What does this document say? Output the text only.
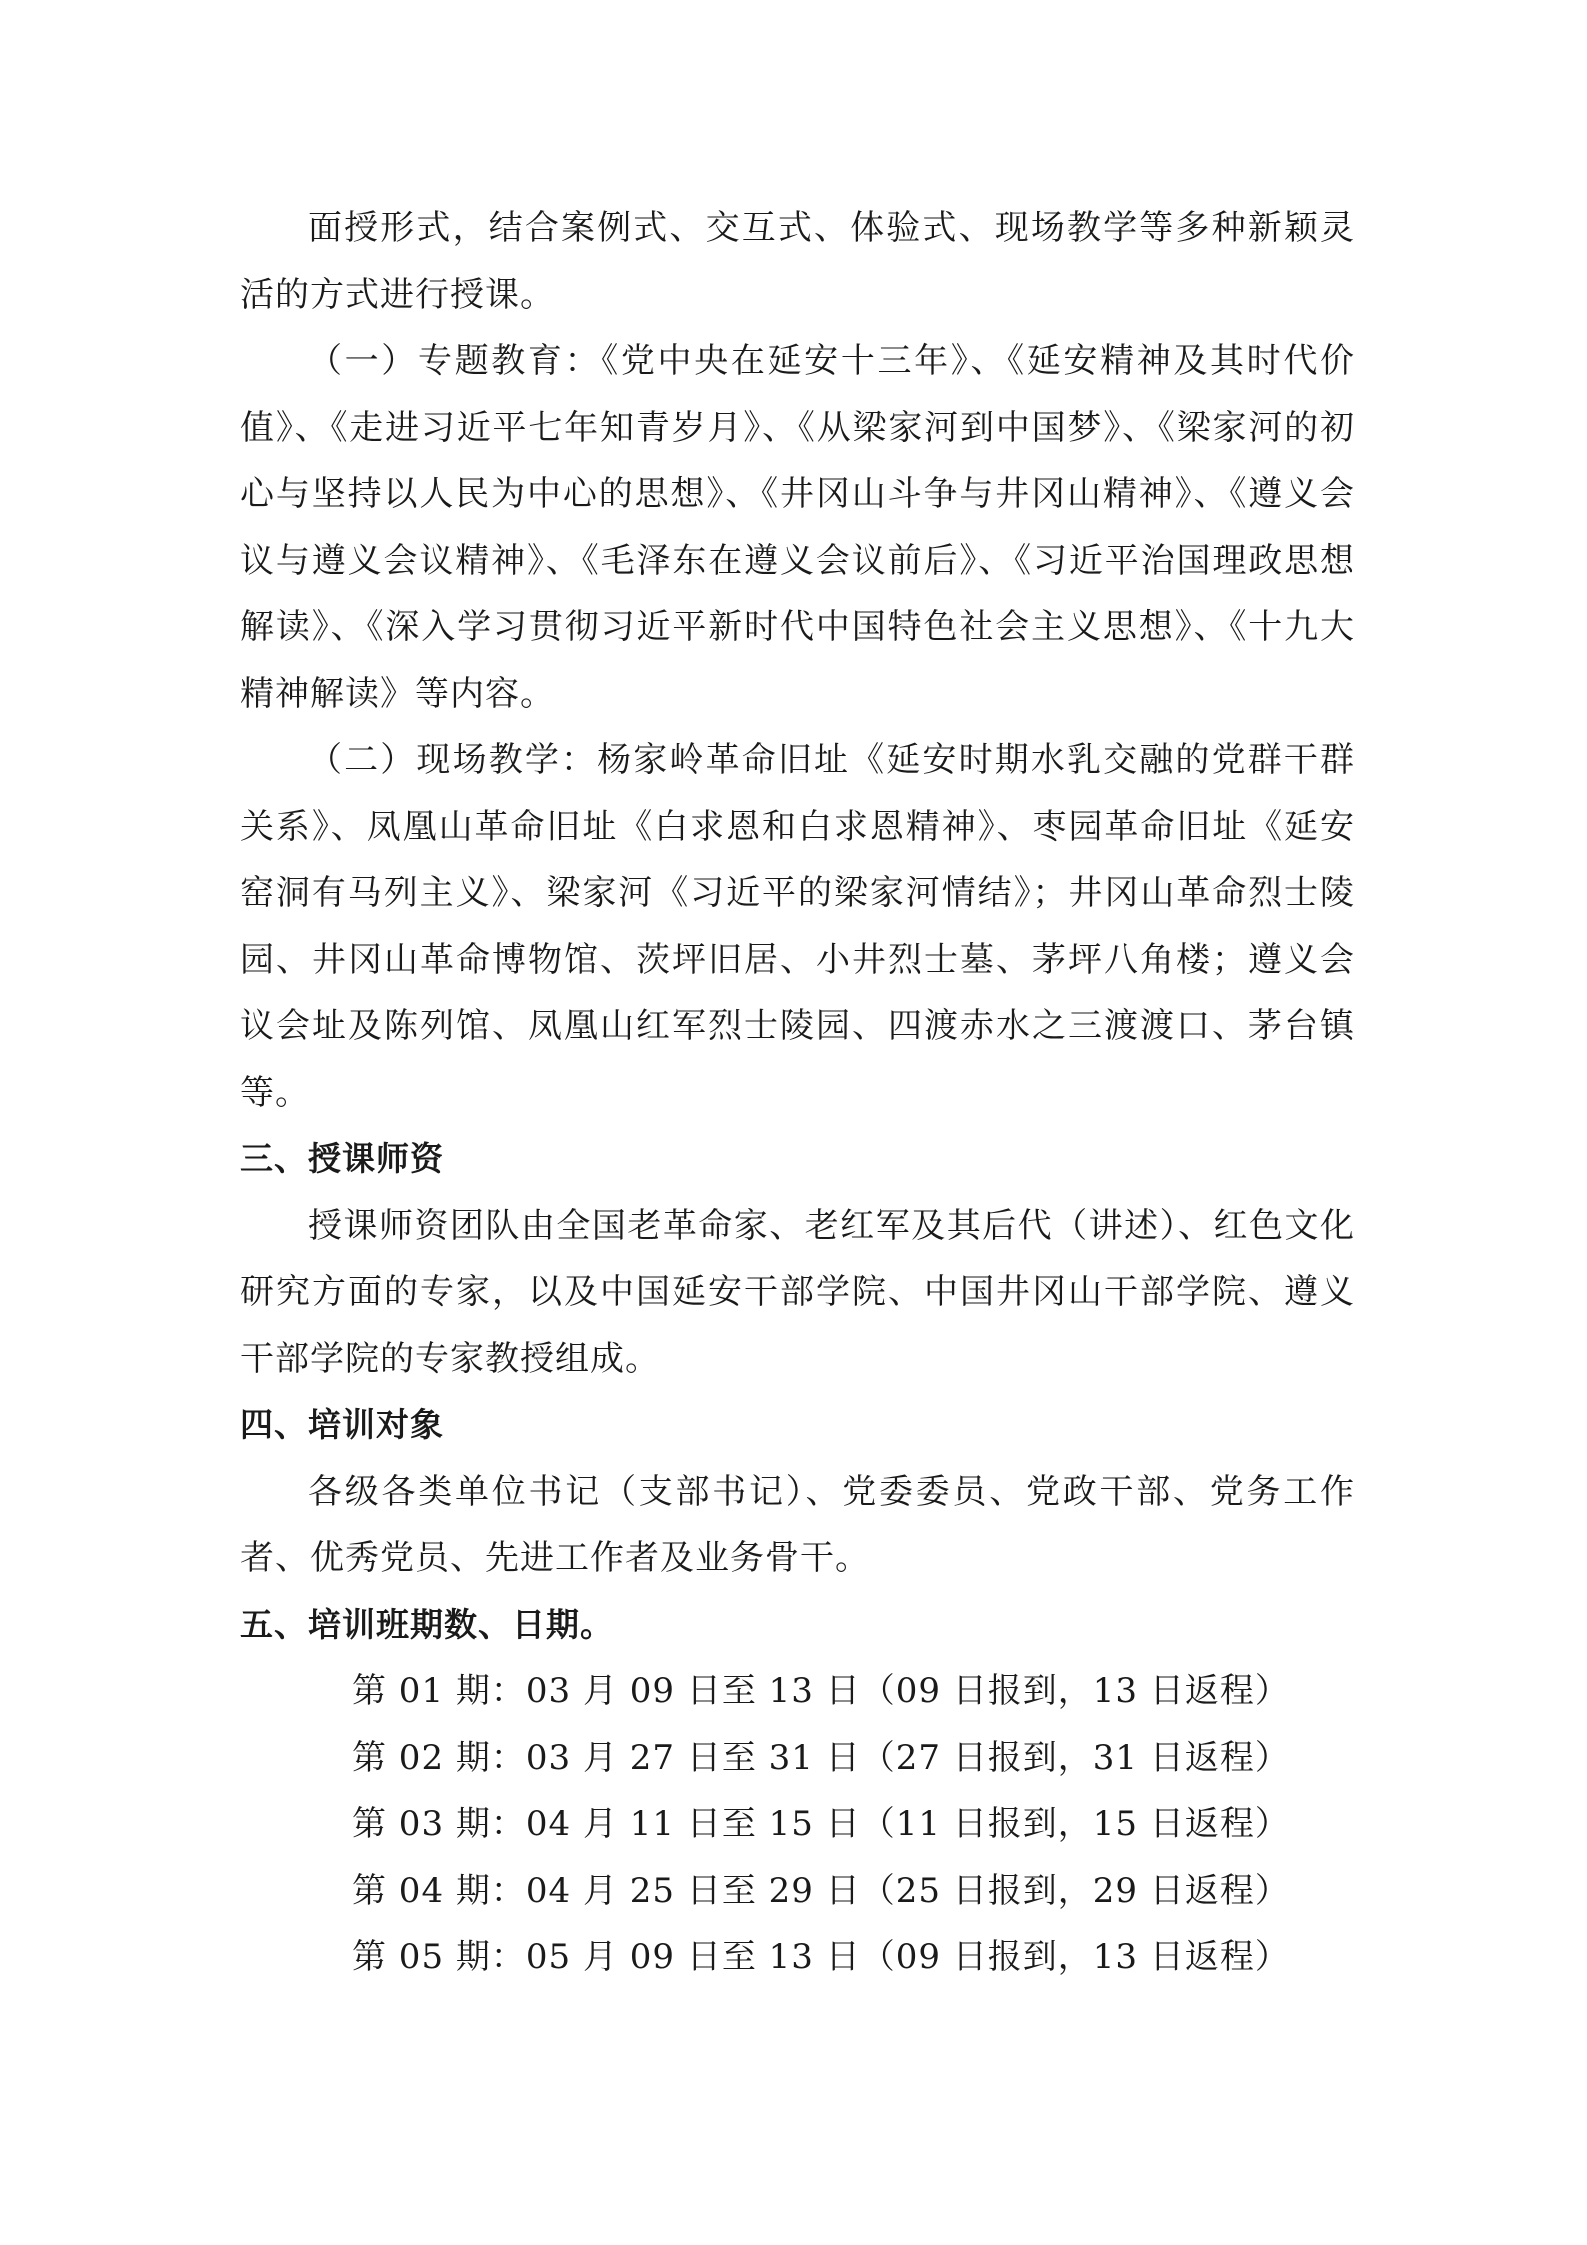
面授形式，结合案例式、交互式、体验式、现场教学等多种新颖灵活的方式进行授课。

（一）专题教育：《党中央在延安十三年》、《延安精神及其时代价值》、《走进习近平七年知青岁月》、《从梁家河到中国梦》、《梁家河的初心与坚持以人民为中心的思想》、《井冈山斗争与井冈山精神》、《遵义会议与遵义会议精神》、《毛泽东在遵义会议前后》、《习近平治国理政思想解读》、《深入学习贯彻习近平新时代中国特色社会主义思想》、《十九大精神解读》等内容。

（二）现场教学：杨家岭革命旧址《延安时期水乳交融的党群干群关系》、凤凰山革命旧址《白求恩和白求恩精神》、枣园革命旧址《延安窑洞有马列主义》、梁家河《习近平的梁家河情结》；井冈山革命烈士陵园、井冈山革命博物馆、茨坪旧居、小井烈士墓、茅坪八角楼；遵义会议会址及陈列馆、凤凰山红军烈士陵园、四渡赤水之三渡渡口、茅台镇等。

三、授课师资

授课师资团队由全国老革命家、老红军及其后代（讲述）、红色文化研究方面的专家，以及中国延安干部学院、中国井冈山干部学院、遵义干部学院的专家教授组成。

四、培训对象

各级各类单位书记（支部书记）、党委委员、党政干部、党务工作者、优秀党员、先进工作者及业务骨干。

五、培训班期数、日期。

第 01 期：03 月 09 日至 13 日（09 日报到，13 日返程）

第 02 期：03 月 27 日至 31 日（27 日报到，31 日返程）

第 03 期：04 月 11 日至 15 日（11 日报到，15 日返程）

第 04 期：04 月 25 日至 29 日（25 日报到，29 日返程）

第 05 期：05 月 09 日至 13 日（09 日报到，13 日返程）
